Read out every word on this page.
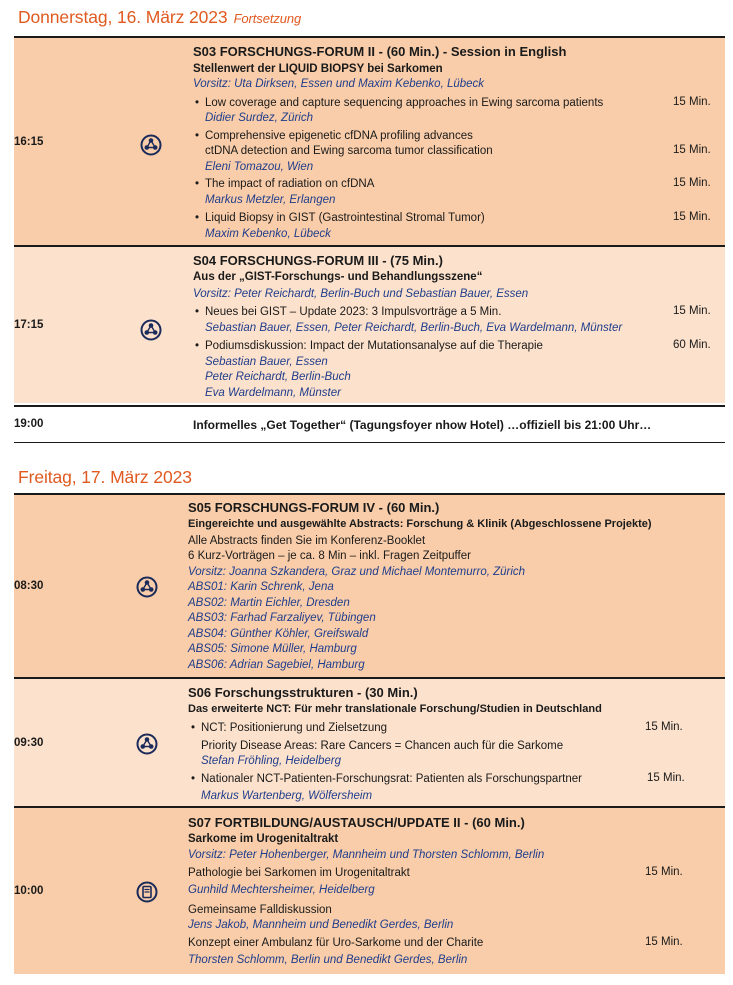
Donnerstag, 16. März 2023 Fortsetzung
16:15
S03 FORSCHUNGS-FORUM II - (60 Min.) - Session in English
Stellenwert der LIQUID BIOPSY bei Sarkomen
Vorsitz: Uta Dirksen, Essen und Maxim Kebenko, Lübeck
• Low coverage and capture sequencing approaches in Ewing sarcoma patients	15 Min.
Didier Surdez, Zürich
• Comprehensive epigenetic cfDNA profiling advances
ctDNA detection and Ewing sarcoma tumor classification	15 Min.
Eleni Tomazou, Wien
• The impact of radiation on cfDNA	15 Min.
Markus Metzler, Erlangen
• Liquid Biopsy in GIST (Gastrointestinal Stromal Tumor)	15 Min.
Maxim Kebenko, Lübeck
17:15
S04 FORSCHUNGS-FORUM III - (75 Min.)
Aus der „GIST-Forschungs- und Behandlungsszene“
Vorsitz: Peter Reichardt, Berlin-Buch und Sebastian Bauer, Essen
• Neues bei GIST – Update 2023: 3 Impulsvorträge a 5 Min.	15 Min.
Sebastian Bauer, Essen, Peter Reichardt, Berlin-Buch, Eva Wardelmann, Münster
• Podiumsdiskussion: Impact der Mutationsanalyse auf die Therapie	60 Min.
Sebastian Bauer, Essen
Peter Reichardt, Berlin-Buch
Eva Wardelmann, Münster
19:00	Informelles „Get Together“ (Tagungsfoyer nhow Hotel) …offiziell bis 21:00 Uhr…
Freitag, 17. März 2023
08:30
S05 FORSCHUNGS-FORUM IV - (60 Min.)
Eingereichte und ausgewählte Abstracts: Forschung & Klinik (Abgeschlossene Projekte)
Alle Abstracts finden Sie im Konferenz-Booklet
6 Kurz-Vorträgen – je ca. 8 Min – inkl. Fragen Zeitpuffer
Vorsitz: Joanna Szkandera, Graz und Michael Montemurro, Zürich
ABS01: Karin Schrenk, Jena
ABS02: Martin Eichler, Dresden
ABS03: Farhad Farzaliyev, Tübingen
ABS04: Günther Köhler, Greifswald
ABS05: Simone Müller, Hamburg
ABS06: Adrian Sagebiel, Hamburg
09:30
S06 Forschungsstrukturen - (30 Min.)
Das erweiterte NCT: Für mehr translationale Forschung/Studien in Deutschland
• NCT: Positionierung und Zielsetzung	15 Min.
Priority Disease Areas: Rare Cancers = Chancen auch für die Sarkome
Stefan Fröhling, Heidelberg
• Nationaler NCT-Patienten-Forschungsrat: Patienten als Forschungspartner	15 Min.
Markus Wartenberg, Wölfersheim
10:00
S07 FORTBILDUNG/AUSTAUSCH/UPDATE II - (60 Min.)
Sarkome im Urogenitaltrakt
Vorsitz: Peter Hohenberger, Mannheim und Thorsten Schlomm, Berlin
Pathologie bei Sarkomen im Urogenitaltrakt	15 Min.
Gunhild Mechtersheimer, Heidelberg
Gemeinsame Falldiskussion
Jens Jakob, Mannheim und Benedikt Gerdes, Berlin
Konzept einer Ambulanz für Uro-Sarkome und der Charite	15 Min.
Thorsten Schlomm, Berlin und Benedikt Gerdes, Berlin
